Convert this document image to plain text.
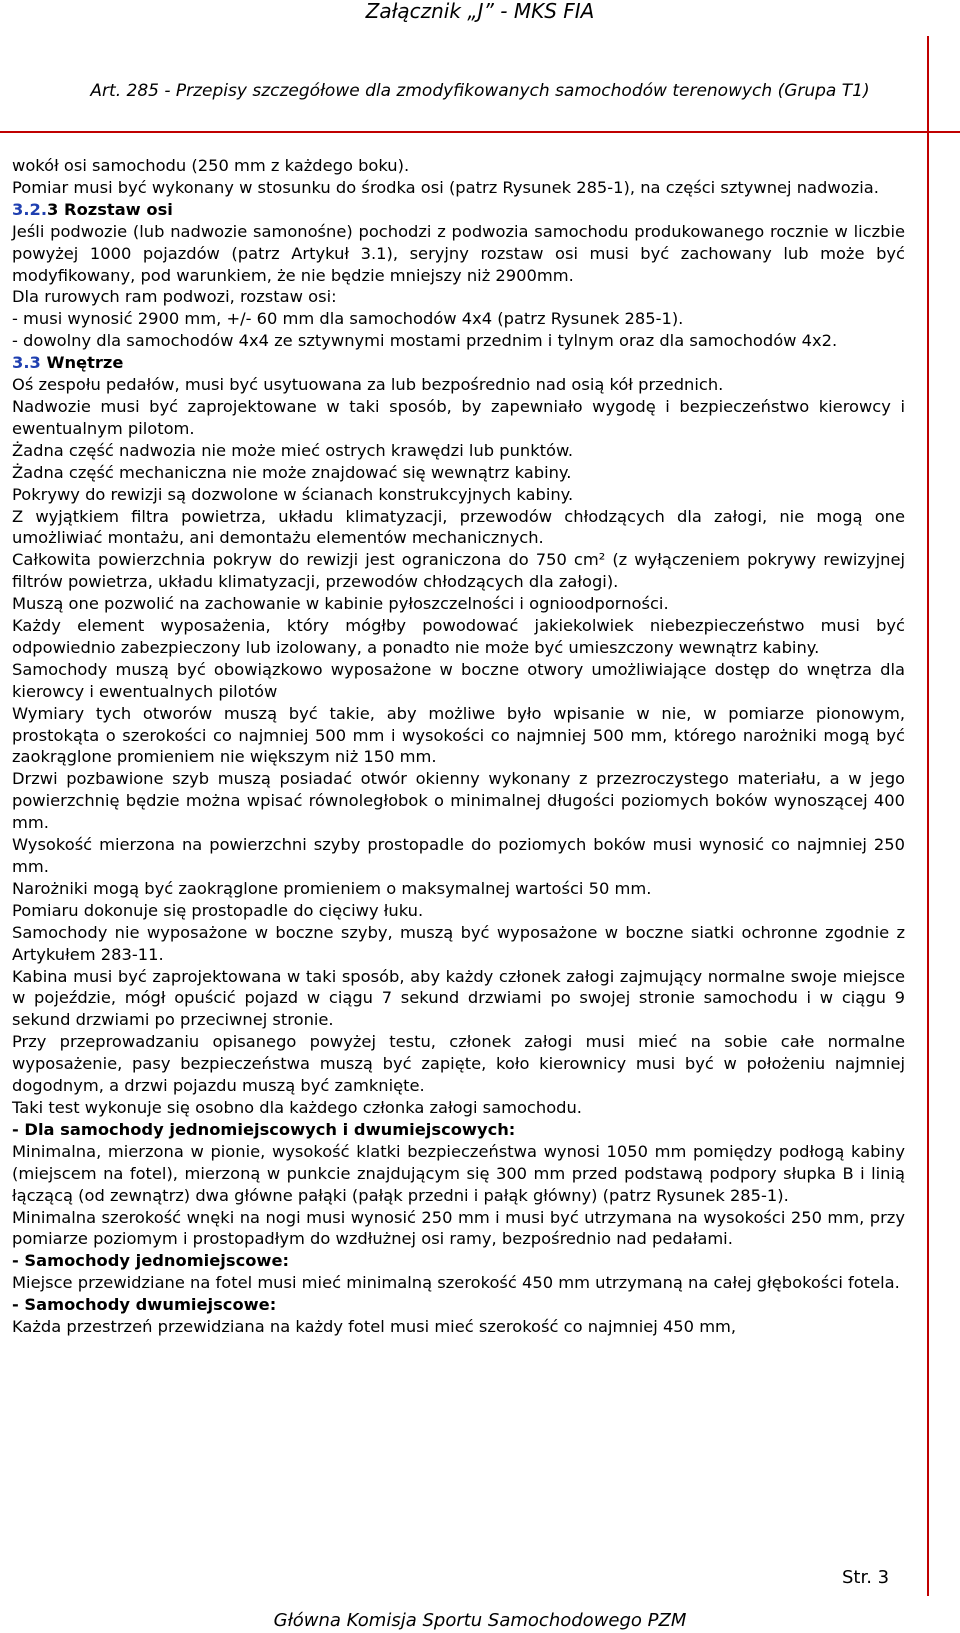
Załącznik „J” - MKS FIA
Art. 285 - Przepisy szczegółowe dla zmodyfikowanych samochodów terenowych (Grupa T1)

wokół osi samochodu (250 mm z każdego boku).

Pomiar musi być wykonany w stosunku do środka osi (patrz Rysunek 285-1), na części sztywnej nadwozia.

3.2.3 Rozstaw osi

Jeśli podwozie (lub nadwozie samonośne) pochodzi z podwozia samochodu produkowanego rocznie w liczbie powyżej 1000 pojazdów (patrz Artykuł 3.1), seryjny rozstaw osi musi być zachowany lub może być modyfikowany, pod warunkiem, że nie będzie mniejszy niż 2900mm.

Dla rurowych ram podwozi, rozstaw osi:

- musi wynosić 2900 mm, +/- 60 mm dla samochodów 4x4 (patrz Rysunek 285-1).

- dowolny dla samochodów 4x4 ze sztywnymi mostami przednim i tylnym oraz dla samochodów 4x2.

3.3 Wnętrze

Oś zespołu pedałów, musi być usytuowana za lub bezpośrednio nad osią kół przednich.

Nadwozie musi być zaprojektowane w taki sposób, by zapewniało wygodę i bezpieczeństwo kierowcy i ewentualnym pilotom.

Żadna część nadwozia nie może mieć ostrych krawędzi lub punktów.

Żadna część mechaniczna nie może znajdować się wewnątrz kabiny.

Pokrywy do rewizji są dozwolone w ścianach konstrukcyjnych kabiny.

Z wyjątkiem filtra powietrza, układu klimatyzacji, przewodów chłodzących dla załogi, nie mogą one umożliwiać montażu, ani demontażu elementów mechanicznych.

Całkowita powierzchnia pokryw do rewizji jest ograniczona do 750 cm² (z wyłączeniem pokrywy rewizyjnej filtrów powietrza, układu klimatyzacji, przewodów chłodzących dla załogi).

Muszą one pozwolić na zachowanie w kabinie pyłoszczelności i ognioodporności.

Każdy element wyposażenia, który mógłby powodować jakiekolwiek niebezpieczeństwo musi być odpowiednio zabezpieczony lub izolowany, a ponadto nie może być umieszczony wewnątrz kabiny.

Samochody muszą być obowiązkowo wyposażone w boczne otwory umożliwiające dostęp do wnętrza dla kierowcy i ewentualnych pilotów

Wymiary tych otworów muszą być takie, aby możliwe było wpisanie w nie, w pomiarze pionowym, prostokąta o szerokości co najmniej 500 mm i wysokości co najmniej 500 mm, którego narożniki mogą być zaokrąglone promieniem nie większym niż 150 mm.

Drzwi pozbawione szyb muszą posiadać otwór okienny wykonany z przezroczystego materiału, a w jego powierzchnię będzie można wpisać równoległobok o minimalnej długości poziomych boków wynoszącej 400 mm.

Wysokość mierzona na powierzchni szyby prostopadle do poziomych boków musi wynosić co najmniej 250 mm.

Narożniki mogą być zaokrąglone promieniem o maksymalnej wartości 50 mm.

Pomiaru dokonuje się prostopadle do cięciwy łuku.

Samochody nie wyposażone w boczne szyby, muszą być wyposażone w boczne siatki ochronne zgodnie z Artykułem 283-11.

Kabina musi być zaprojektowana w taki sposób, aby każdy członek załogi zajmujący normalne swoje miejsce w pojeździe, mógł opuścić pojazd w ciągu 7 sekund drzwiami po swojej stronie samochodu i w ciągu 9 sekund drzwiami po przeciwnej stronie.

Przy przeprowadzaniu opisanego powyżej testu, członek załogi musi mieć na sobie całe normalne wyposażenie, pasy bezpieczeństwa muszą być zapięte, koło kierownicy musi być w położeniu najmniej dogodnym, a drzwi pojazdu muszą być zamknięte.

Taki test wykonuje się osobno dla każdego członka załogi samochodu.

- Dla samochody jednomiejscowych i dwumiejscowych:

Minimalna, mierzona w pionie, wysokość klatki bezpieczeństwa wynosi 1050 mm pomiędzy podłogą kabiny (miejscem na fotel), mierzoną w punkcie znajdującym się 300 mm przed podstawą podpory słupka B i linią łączącą (od zewnątrz) dwa główne pałąki (pałąk przedni i pałąk główny) (patrz Rysunek 285-1).

Minimalna szerokość wnęki na nogi musi wynosić 250 mm i musi być utrzymana na wysokości 250 mm, przy pomiarze poziomym i prostopadłym do wzdłużnej osi ramy, bezpośrednio nad pedałami.

- Samochody jednomiejscowe:

Miejsce przewidziane na fotel musi mieć minimalną szerokość 450 mm utrzymaną na całej głębokości fotela.

- Samochody dwumiejscowe:

Każda przestrzeń przewidziana na każdy fotel musi mieć szerokość co najmniej 450 mm,

Str. 3
Główna Komisja Sportu Samochodowego PZM
